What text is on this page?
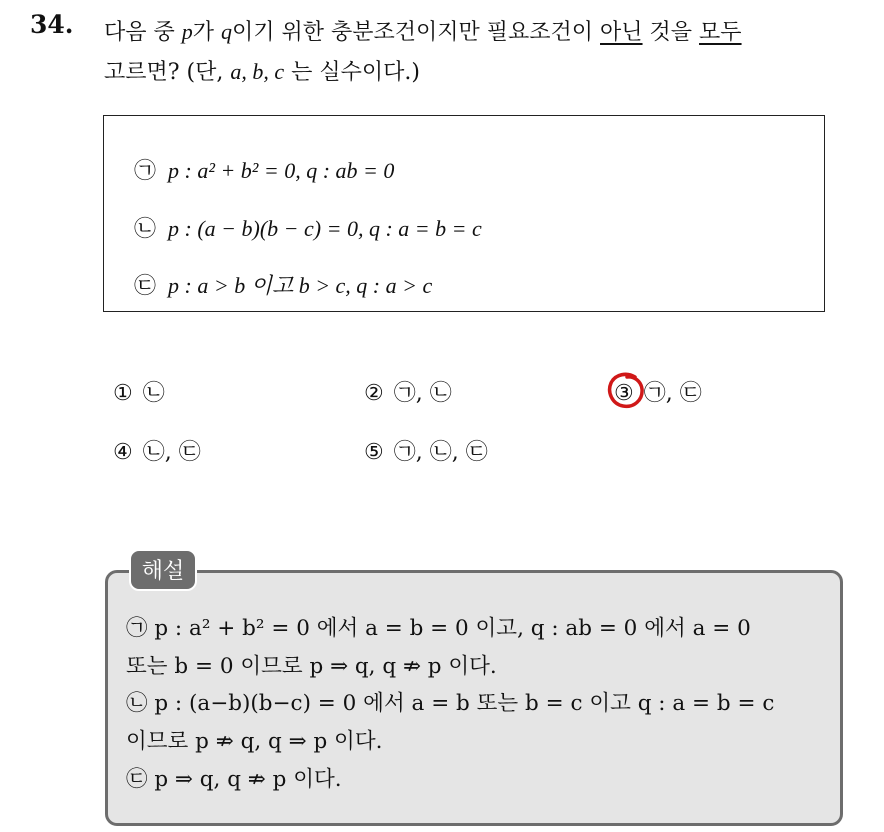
34. 다음 중 p가 q이기 위한 충분조건이지만 필요조건이 아닌 것을 모두
고르면? (단, a, b, c 는 실수이다.)
㉠ p : a² + b² = 0, q : ab = 0
㉡ p : (a − b)(b − c) = 0, q : a = b = c
㉢ p : a > b 이고 b > c, q : a > c
① ㉡	② ㉠, ㉡	③ ㉠, ㉢
④ ㉡, ㉢	⑤ ㉠, ㉡, ㉢
해설
㉠ p : a² + b² = 0 에서 a = b = 0 이고, q : ab = 0 에서 a = 0
또는 b = 0 이므로 p ⇒ q, q ⇏ p 이다.
㉡ p : (a−b)(b−c) = 0 에서 a = b 또는 b = c 이고 q : a = b = c
이므로 p ⇏ q, q ⇒ p 이다.
㉢ p ⇒ q, q ⇏ p 이다.
